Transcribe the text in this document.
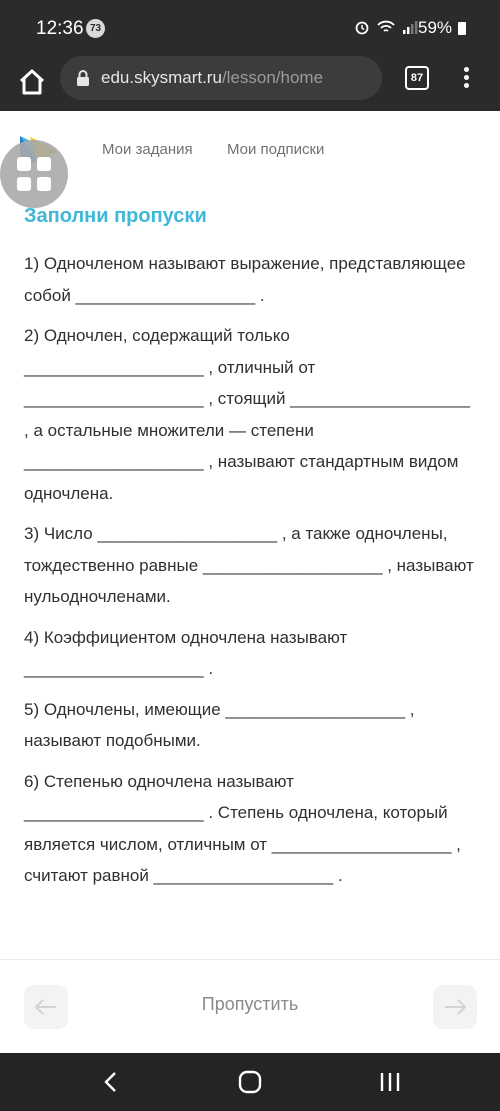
12:36 73
	59%
edu.skysmart.ru/lesson/home	87
Мои задания Мои подписки
Заполни пропуски

1) Одночленом называют выражение, представляющее собой ___________________ .

2) Одночлен, содержащий только ___________________ , отличный от ___________________ , стоящий ___________________ , а остальные множители — степени ___________________ , называют стандартным видом одночлена.

3) Число ___________________ , а также одночлены, тождественно равные ___________________ , называют нульодночленами.

4) Коэффициентом одночлена называют ___________________ .

5) Одночлены, имеющие ___________________ , называют подобными.

6) Степенью одночлена называют ___________________ . Степень одночлена, который является числом, отличным от ___________________ , считают равной ___________________ .

Пропустить
